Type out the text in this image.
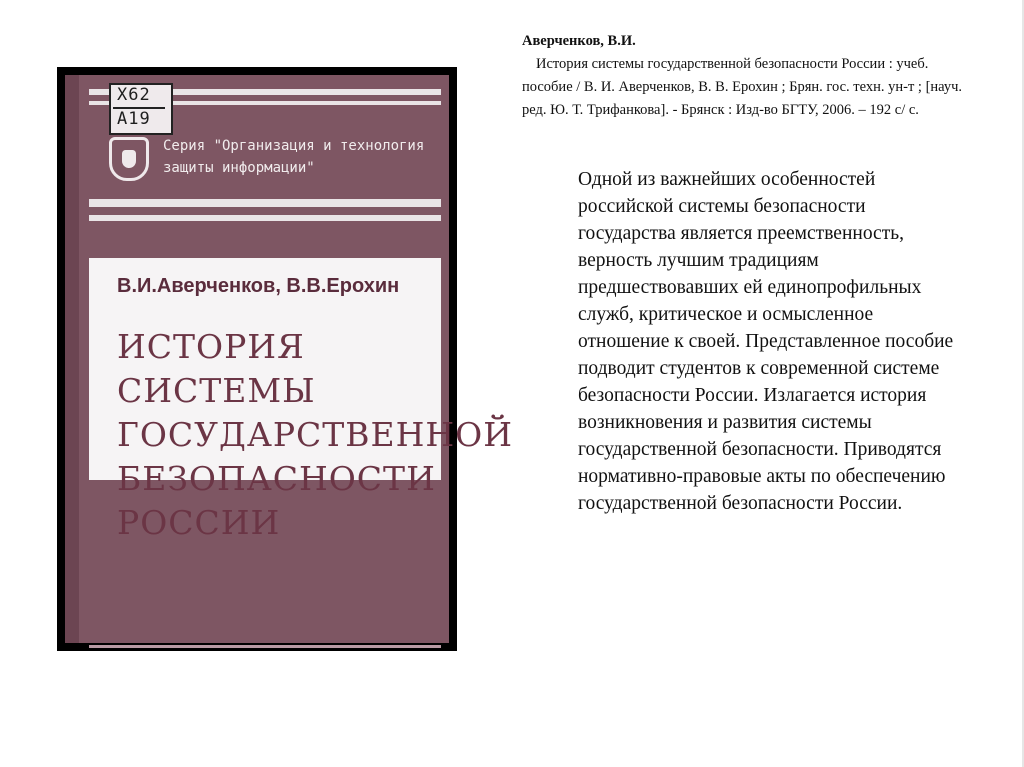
X62
A19
Серия "Организация и технология
защиты информации"
В.И.Аверченков, В.В.Ерохин
ИСТОРИЯ СИСТЕМЫ
ГОСУДАРСТВЕННОЙ
БЕЗОПАСНОСТИ РОССИИ
Аверченков, В.И.
История системы государственной безопасности России : учеб. пособие / В. И. Аверченков, В. В. Ерохин ; Брян. гос. техн. ун-т ; [науч. ред. Ю. Т. Трифанкова]. - Брянск : Изд-во БГТУ, 2006. – 192 с/ с.
Одной из важнейших особенностей российской системы безопасности государства является преемственность, верность лучшим традициям предшествовавших ей единопрофильных служб, критическое и осмысленное отношение к своей. Представленное пособие подводит студентов к современной системе безопасности России. Излагается история возникновения и развития системы государственной безопасности. Приводятся нормативно-правовые акты по обеспечению государственной безопасности России.
